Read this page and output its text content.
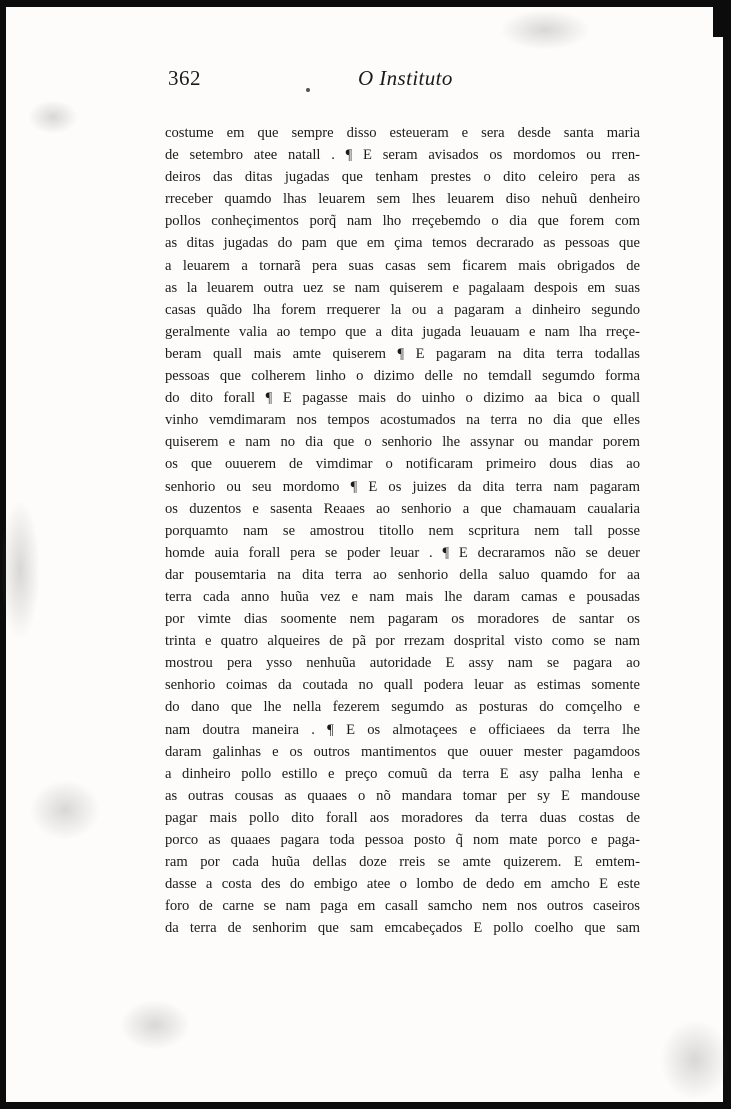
362	O Instituto
costume em que sempre disso esteueram e sera desde santa maria
de setembro atee natall . ¶ E seram avisados os mordomos ou rren-
deiros das ditas jugadas que tenham prestes o dito celeiro pera as
rreceber quamdo lhas leuarem sem lhes leuarem diso nehuũ denheiro
pollos conheçimentos porq̃ nam lho rreçebemdo o dia que forem com
as ditas jugadas do pam que em çima temos decrarado as pessoas que
a leuarem a tornarã pera suas casas sem ficarem mais obrigados de
as la leuarem outra uez se nam quiserem e pagalaam despois em suas
casas quãdo lha forem rrequerer la ou a pagaram a dinheiro segundo
geralmente valia ao tempo que a dita jugada leuauam e nam lha rreçe-
beram quall mais amte quiserem ¶ E pagaram na dita terra todallas
pessoas que colherem linho o dizimo delle no temdall segumdo forma
do dito forall ¶ E pagasse mais do uinho o dizimo aa bica o quall
vinho vemdimaram nos tempos acostumados na terra no dia que elles
quiserem e nam no dia que o senhorio lhe assynar ou mandar porem
os que ouuerem de vimdimar o notificaram primeiro dous dias ao
senhorio ou seu mordomo ¶ E os juizes da dita terra nam pagaram
os duzentos e sasenta Reaaes ao senhorio a que chamauam caualaria
porquamto nam se amostrou titollo nem scpritura nem tall posse
homde auia forall pera se poder leuar . ¶ E decraramos não se deuer
dar pousemtaria na dita terra ao senhorio della saluo quamdo for aa
terra cada anno huũa vez e nam mais lhe daram camas e pousadas
por vimte dias soomente nem pagaram os moradores de santar os
trinta e quatro alqueires de pã por rrezam dosprital visto como se nam
mostrou pera ysso nenhuũa autoridade E assy nam se pagara ao
senhorio coimas da coutada no quall podera leuar as estimas somente
do dano que lhe nella fezerem segumdo as posturas do comçelho e
nam doutra maneira . ¶ E os almotaçees e officiaees da terra lhe
daram galinhas e os outros mantimentos que ouuer mester pagamdoos
a dinheiro pollo estillo e preço comuũ da terra E asy palha lenha e
as outras cousas as quaaes o nõ mandara tomar per sy E mandouse
pagar mais pollo dito forall aos moradores da terra duas costas de
porco as quaaes pagara toda pessoa posto q̃ nom mate porco e paga-
ram por cada huũa dellas doze rreis se amte quizerem. E emtem-
dasse a costa des do embigo atee o lombo de dedo em amcho E este
foro de carne se nam paga em casall samcho nem nos outros caseiros
da terra de senhorim que sam emcabeçados E pollo coelho que sam
